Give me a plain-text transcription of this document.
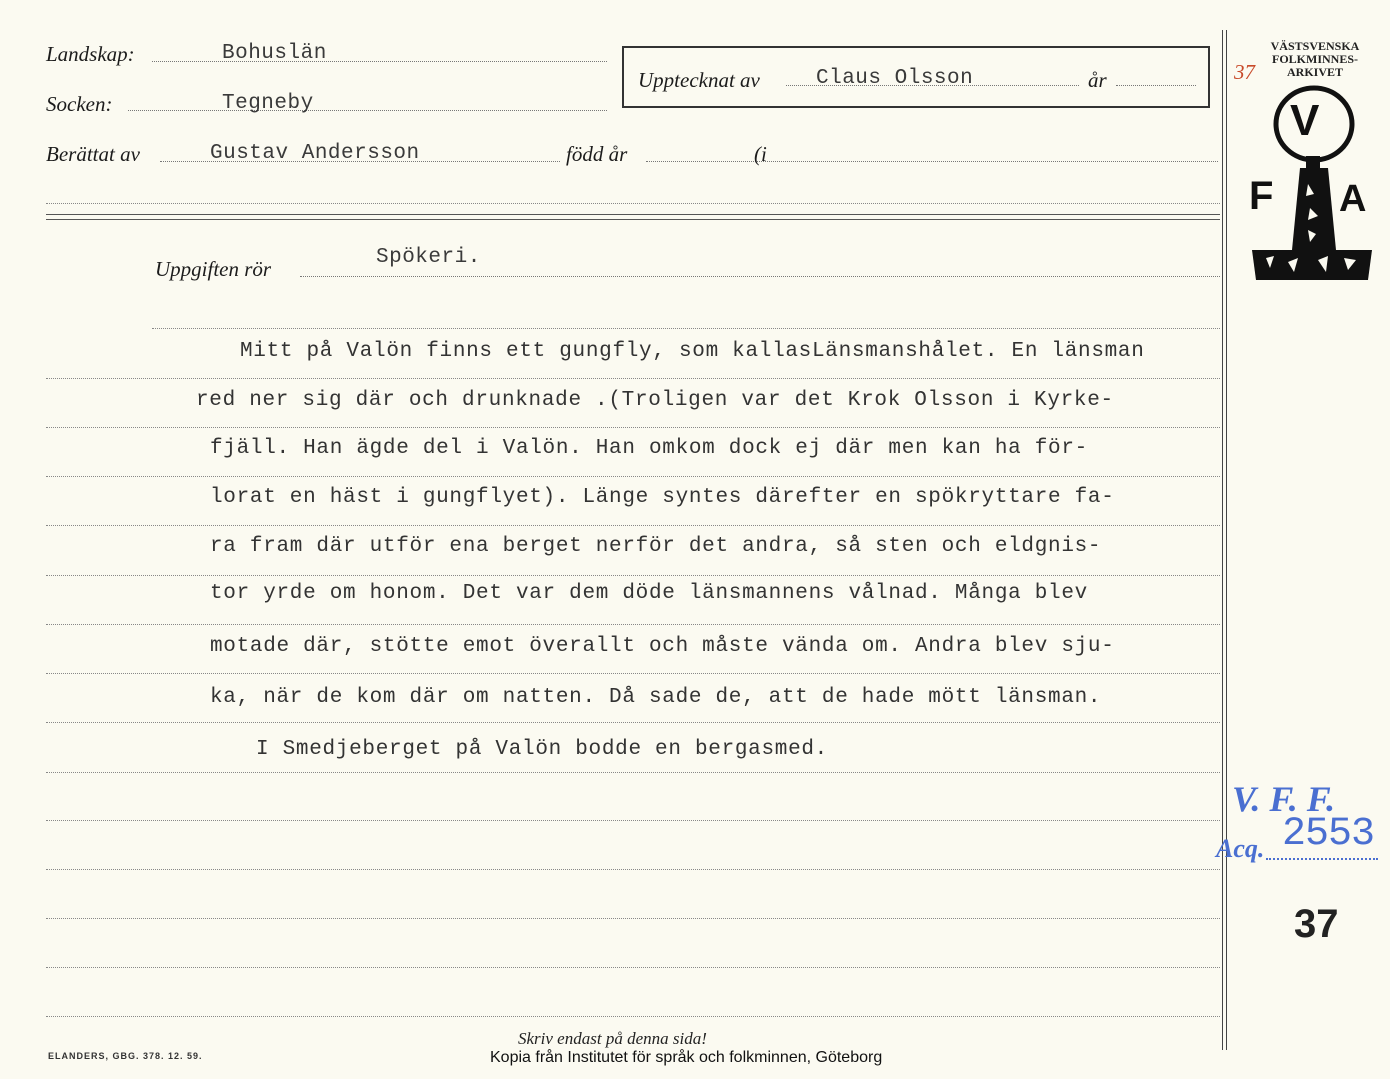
Landskap:	Bohuslän
Socken:	Tegneby
Berättat av	Gustav Andersson	född år	(i
Upptecknat av	Claus Olsson	år
Uppgiften rör	Spökeri.
Mitt på Valön finns ett gungfly, som kallasLänsmanshålet. En länsman
red ner sig där och drunknade .(Troligen var det Krok Olsson i Kyrke-
fjäll. Han ägde del i Valön. Han omkom dock ej där men kan ha för-
lorat en häst i gungflyet). Länge syntes därefter en spökryttare fa-
ra fram där utför ena berget nerför det andra, så sten och eldgnis-
tor yrde om honom. Det var dem döde länsmannens vålnad. Många blev
motade där, stötte emot överallt och måste vända om. Andra blev sju-
ka, när de kom där om natten. Då sade de, att de hade mött länsman.
I Smedjeberget på Valön bodde en bergasmed.
VÄSTSVENSKA
FOLKMINNES-
ARKIVET
37
V
F A
V. F. F.
Acq. 2553
37
Skriv endast på denna sida!
ELANDERS, GBG. 378. 12. 59.	Kopia från Institutet för språk och folkminnen, Göteborg
